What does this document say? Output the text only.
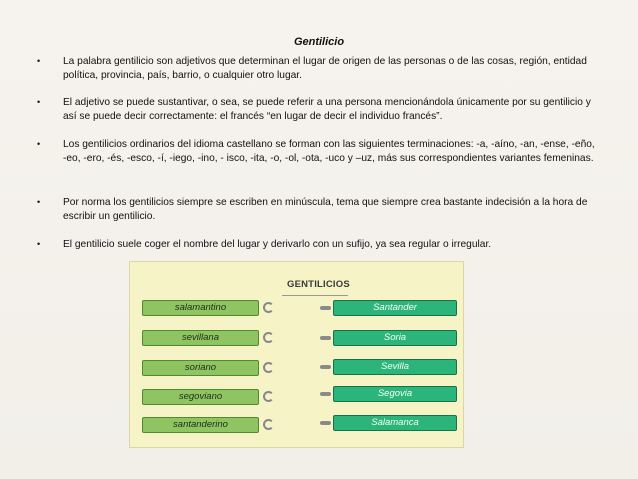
Gentilicio
•	La palabra gentilicio son adjetivos que determinan el lugar de origen de las personas o de las cosas, región, entidad política, provincia, país, barrio, o cualquier otro lugar.
•	El adjetivo se puede sustantivar, o sea, se puede referir a una persona mencionándola únicamente por su gentilicio y así se puede decir correctamente: el francés “en lugar de decir el individuo francés”.
•	Los gentilicios ordinarios del idioma castellano se forman con las siguientes terminaciones: -a, -aíno, -an, -ense, -eño, -eo, -ero, -és, -esco, -í, -iego, -ino, - isco, -ita, -o, -ol, -ota, -uco y –uz, más sus correspondientes variantes femeninas.
•	Por norma los gentilicios siempre se escriben en minúscula, tema que siempre crea bastante indecisión a la hora de escribir un gentilicio.
•	El gentilicio suele coger el nombre del lugar y derivarlo con un sufijo, ya sea regular o irregular.
GENTILICIOS
salamantino
sevillana
soriano
segoviano
santanderino
Santander
Soria
Sevilla
Segovia
Salamanca
